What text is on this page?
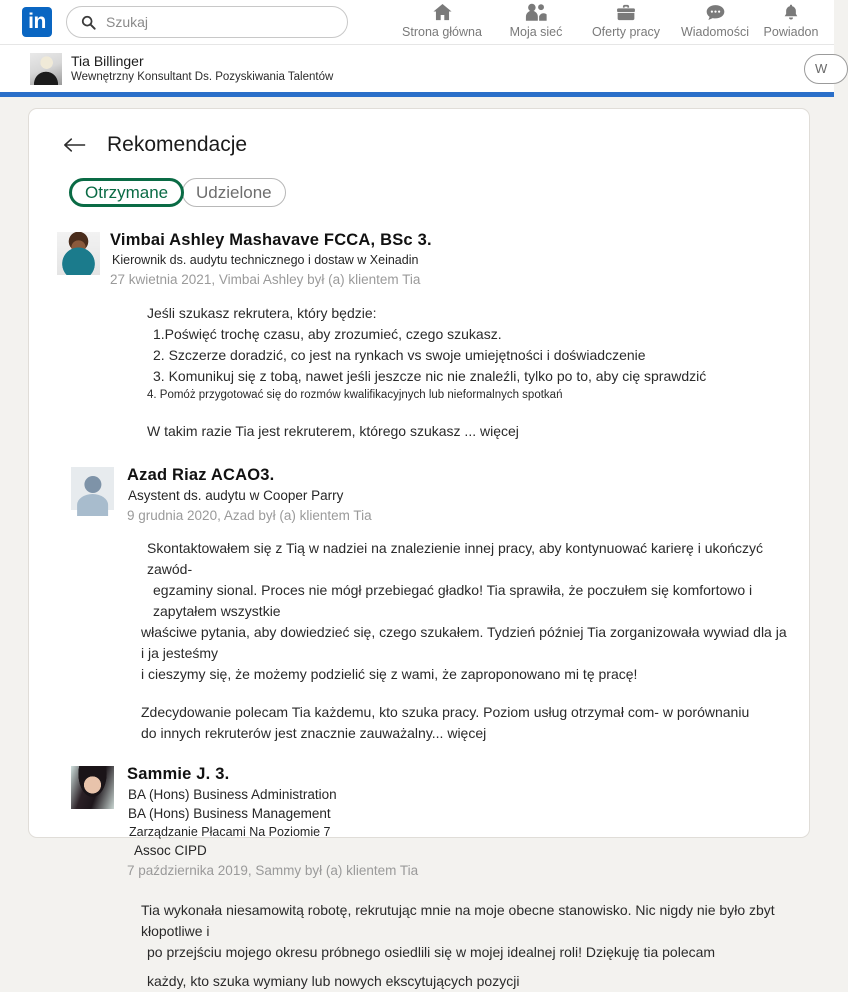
in	Szukaj
Strona główna Moja sieć Oferty pracy Wiadomości Powiadon
Tia Billinger
Wewnętrzny Konsultant Ds. Pozyskiwania Talentów
W
Rekomendacje
Otrzymane	Udzielone
Vimbai Ashley Mashavave FCCA, BSc 3.
Kierownik ds. audytu technicznego i dostaw w Xeinadin
27 kwietnia 2021, Vimbai Ashley był (a) klientem Tia

Jeśli szukasz rekrutera, który będzie:

1.Poświęć trochę czasu, aby zrozumieć, czego szukasz.

2. Szczerze doradzić, co jest na rynkach vs swoje umiejętności i doświadczenie

3. Komunikuj się z tobą, nawet jeśli jeszcze nic nie znaleźli, tylko po to, aby cię sprawdzić

4. Pomóż przygotować się do rozmów kwalifikacyjnych lub nieformalnych spotkań

W takim razie Tia jest rekruterem, którego szukasz ... więcej

Azad Riaz ACAO3.
Asystent ds. audytu w Cooper Parry
9 grudnia 2020, Azad był (a) klientem Tia

Skontaktowałem się z Tią w nadziei na znalezienie innej pracy, aby kontynuować karierę i ukończyć zawód-

egzaminy sional. Proces nie mógł przebiegać gładko! Tia sprawiła, że poczułem się komfortowo i zapytałem wszystkie

właściwe pytania, aby dowiedzieć się, czego szukałem. Tydzień później Tia zorganizowała wywiad dla ja i ja jesteśmy

i cieszymy się, że możemy podzielić się z wami, że zaproponowano mi tę pracę!

Zdecydowanie polecam Tia każdemu, kto szuka pracy. Poziom usług otrzymał com- w porównaniu

do innych rekruterów jest znacznie zauważalny... więcej

Sammie J. 3.
BA (Hons) Business Administration
BA (Hons) Business Management
Zarządzanie Płacami Na Poziomie 7
Assoc CIPD
7 października 2019, Sammy był (a) klientem Tia

Tia wykonała niesamowitą robotę, rekrutując mnie na moje obecne stanowisko. Nic nigdy nie było zbyt kłopotliwe i

po przejściu mojego okresu próbnego osiedlili się w mojej idealnej roli! Dziękuję tia polecam

każdy, kto szuka wymiany lub nowych ekscytujących pozycji
